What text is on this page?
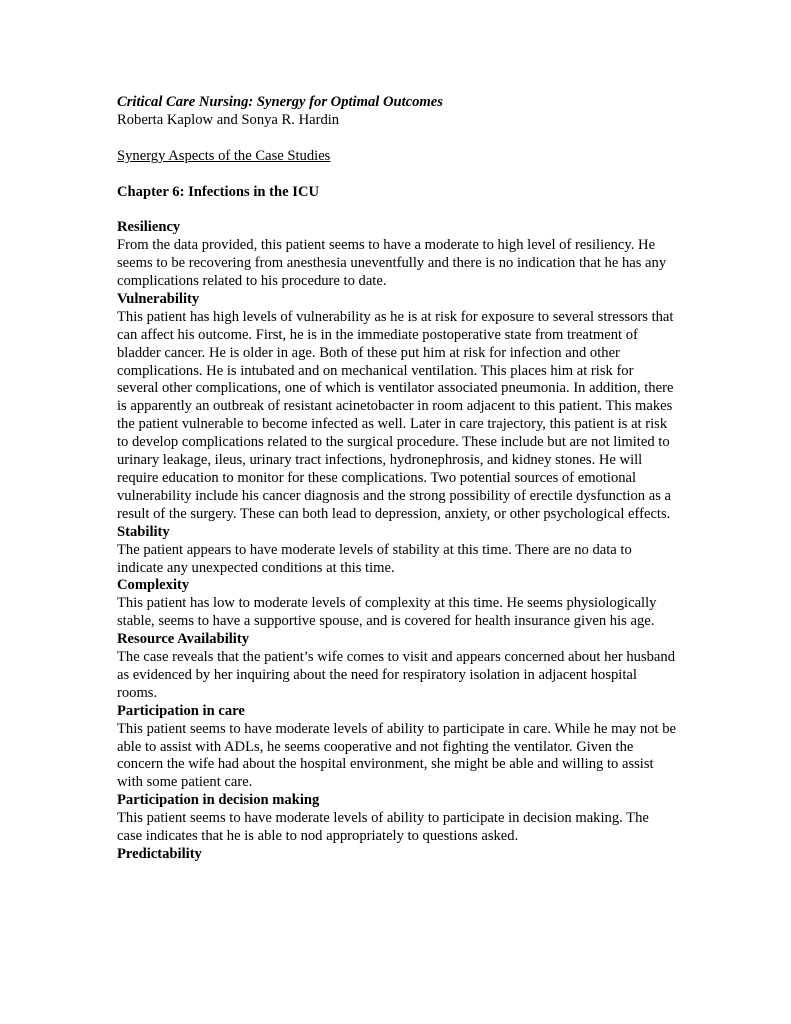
Critical Care Nursing: Synergy for Optimal Outcomes

Roberta Kaplow and Sonya R. Hardin

Synergy Aspects of the Case Studies

Chapter 6: Infections in the ICU

Resiliency

From the data provided, this patient seems to have a moderate to high level of resiliency. He seems to be recovering from anesthesia uneventfully and there is no indication that he has any complications related to his procedure to date.

Vulnerability

This patient has high levels of vulnerability as he is at risk for exposure to several stressors that can affect his outcome. First, he is in the immediate postoperative state from treatment of bladder cancer. He is older in age. Both of these put him at risk for infection and other complications. He is intubated and on mechanical ventilation. This places him at risk for several other complications, one of which is ventilator associated pneumonia. In addition, there is apparently an outbreak of resistant acinetobacter in room adjacent to this patient. This makes the patient vulnerable to become infected as well. Later in care trajectory, this patient is at risk to develop complications related to the surgical procedure. These include but are not limited to urinary leakage, ileus, urinary tract infections, hydronephrosis, and kidney stones. He will require education to monitor for these complications. Two potential sources of emotional vulnerability include his cancer diagnosis and the strong possibility of erectile dysfunction as a result of the surgery. These can both lead to depression, anxiety, or other psychological effects.

Stability

The patient appears to have moderate levels of stability at this time. There are no data to indicate any unexpected conditions at this time.

Complexity

This patient has low to moderate levels of complexity at this time. He seems physiologically stable, seems to have a supportive spouse, and is covered for health insurance given his age.

Resource Availability

The case reveals that the patient’s wife comes to visit and appears concerned about her husband as evidenced by her inquiring about the need for respiratory isolation in adjacent hospital rooms.

Participation in care

This patient seems to have moderate levels of ability to participate in care. While he may not be able to assist with ADLs, he seems cooperative and not fighting the ventilator. Given the concern the wife had about the hospital environment, she might be able and willing to assist with some patient care.

Participation in decision making

This patient seems to have moderate levels of ability to participate in decision making. The case indicates that he is able to nod appropriately to questions asked.

Predictability
